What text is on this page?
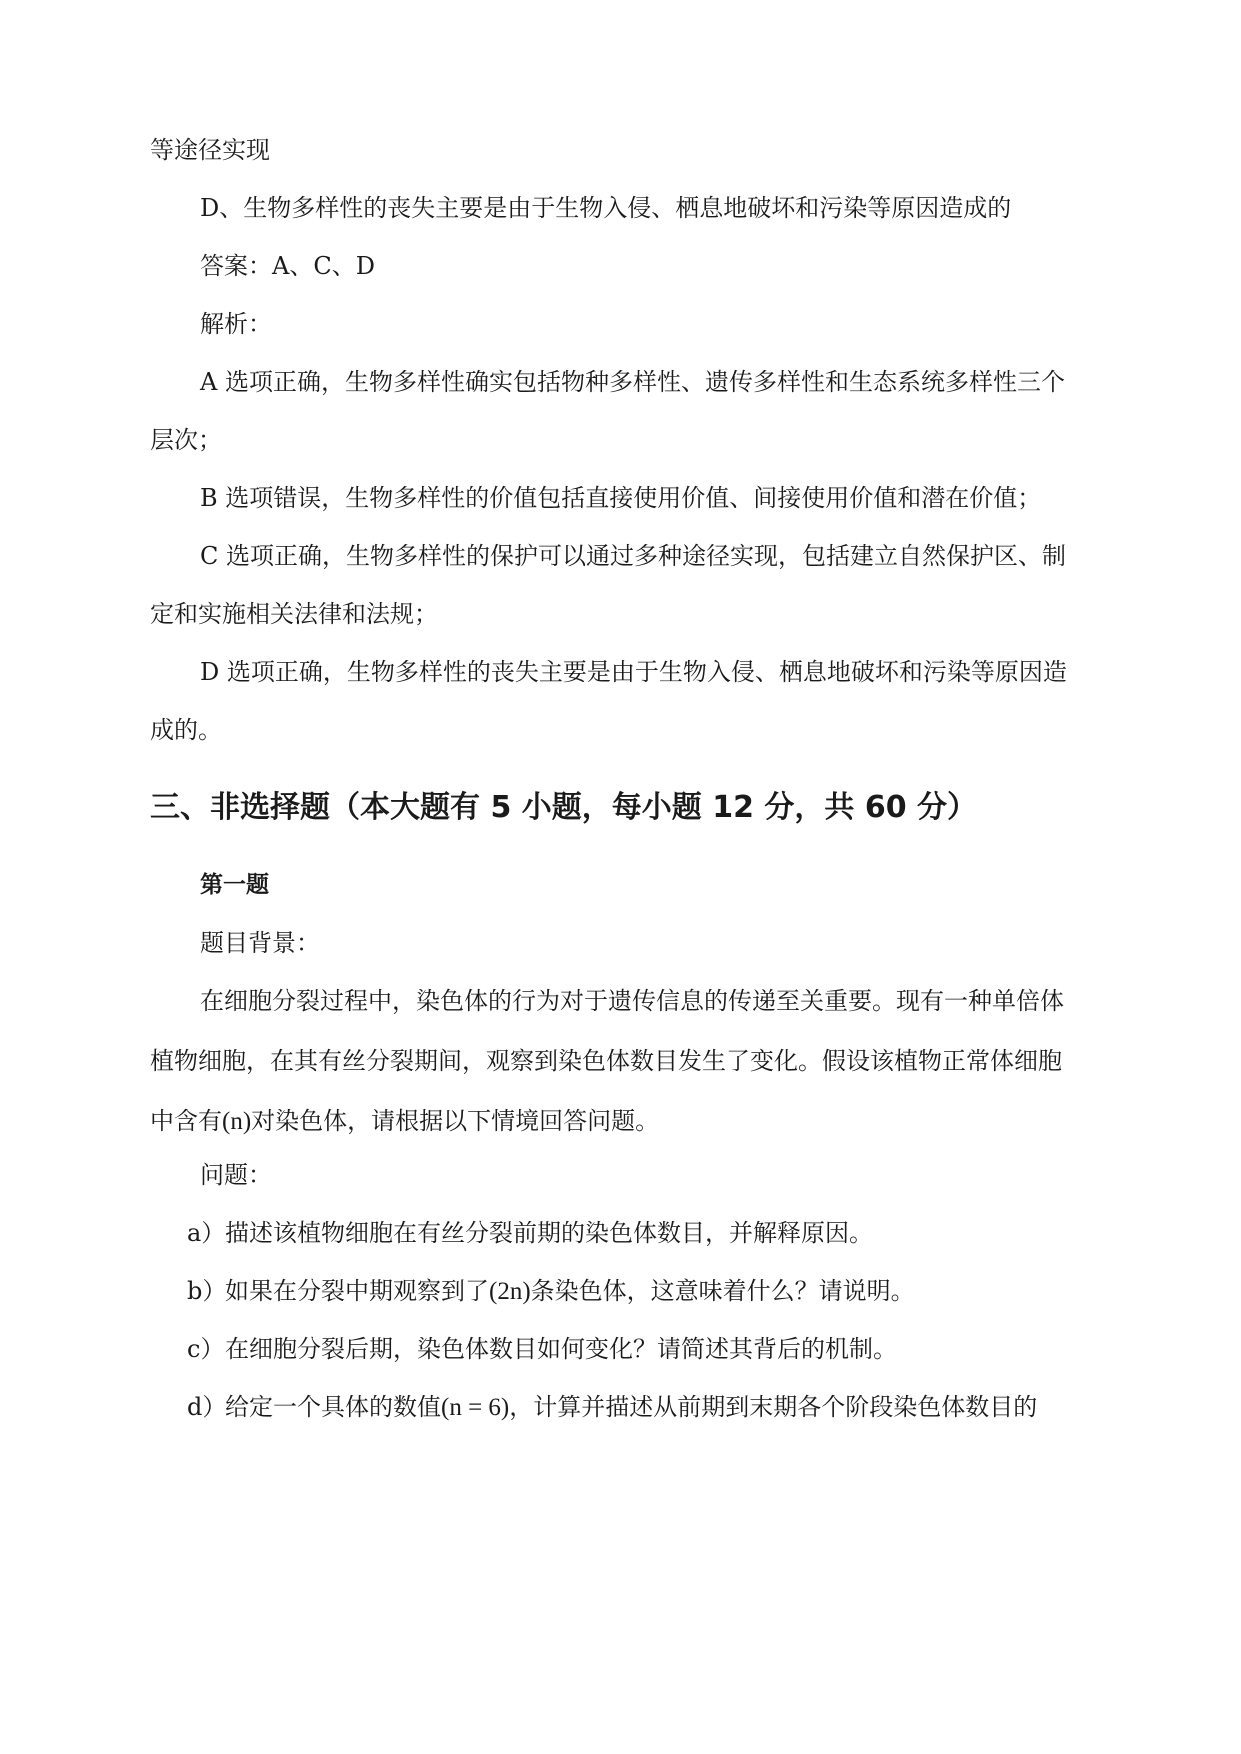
等途径实现
D、生物多样性的丧失主要是由于生物入侵、栖息地破坏和污染等原因造成的
答案：A、C、D
解析：
A 选项正确，生物多样性确实包括物种多样性、遗传多样性和生态系统多样性三个
层次；
B 选项错误，生物多样性的价值包括直接使用价值、间接使用价值和潜在价值；
C 选项正确，生物多样性的保护可以通过多种途径实现，包括建立自然保护区、制
定和实施相关法律和法规；
D 选项正确，生物多样性的丧失主要是由于生物入侵、栖息地破坏和污染等原因造
成的。
三、非选择题（本大题有 5 小题，每小题 12 分，共 60 分）
第一题
题目背景：
在细胞分裂过程中，染色体的行为对于遗传信息的传递至关重要。现有一种单倍体
植物细胞，在其有丝分裂期间，观察到染色体数目发生了变化。假设该植物正常体细胞
中含有(n)对染色体，请根据以下情境回答问题。
问题：
a）描述该植物细胞在有丝分裂前期的染色体数目，并解释原因。
b）如果在分裂中期观察到了(2n)条染色体，这意味着什么？请说明。
c）在细胞分裂后期，染色体数目如何变化？请简述其背后的机制。
d）给定一个具体的数值(n = 6)，计算并描述从前期到末期各个阶段染色体数目的
